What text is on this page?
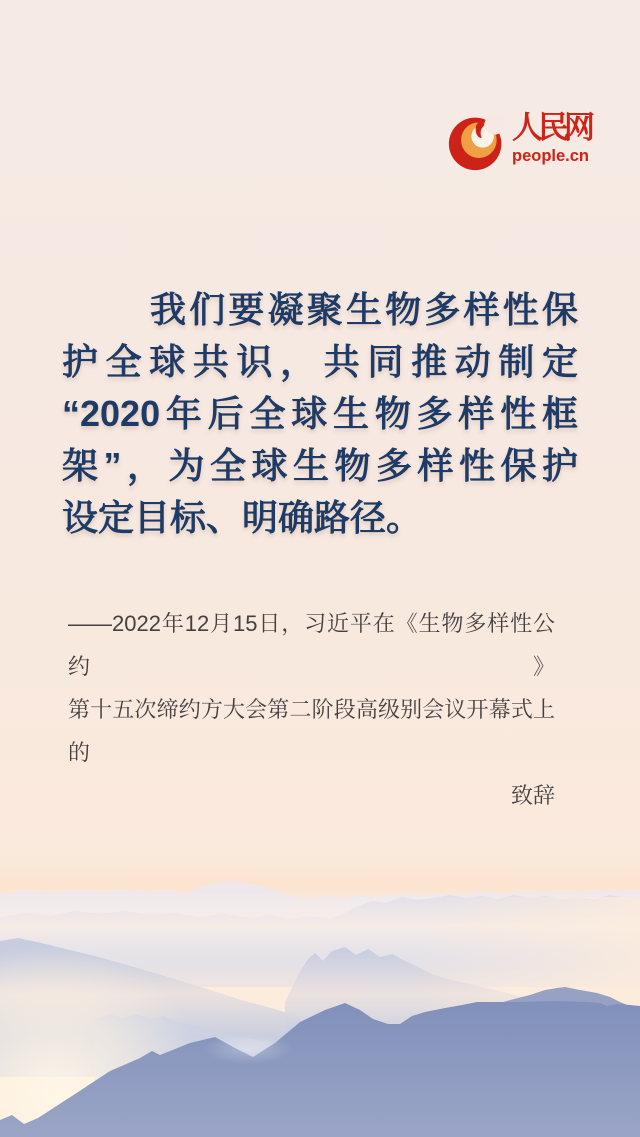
人民网
people.cn
我们要凝聚生物多样性保
护全球共识，共同推动制定
“2020年后全球生物多样性框
架”，为全球生物多样性保护
设定目标、明确路径。
——2022年12月15日，习近平在《生物多样性公约》
第十五次缔约方大会第二阶段高级别会议开幕式上的
致辞
